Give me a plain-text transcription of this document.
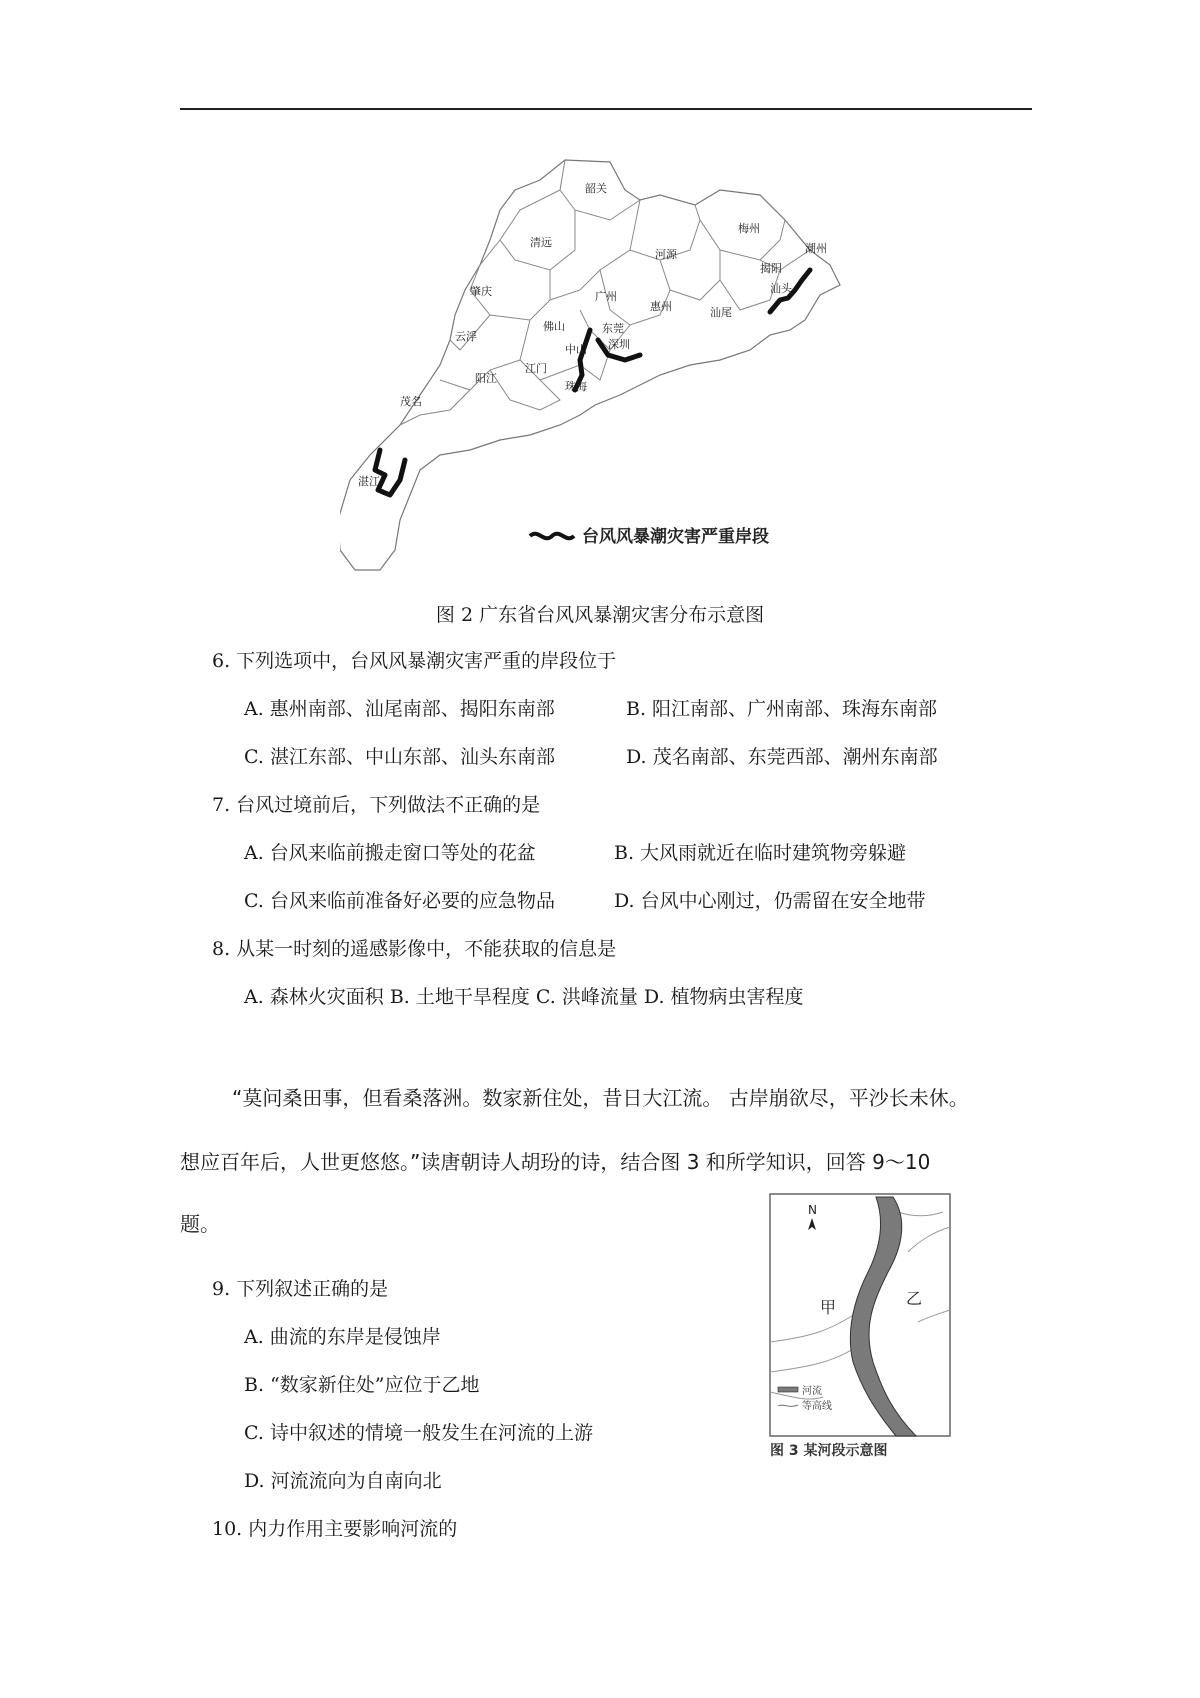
韶关
梅州
清远
河源	潮州
肇庆	广州
惠州
揭阳
汕头
汕尾
云浮
佛山	东莞
深圳
中山
江门
珠海
阳江
茂名
湛江
台风风暴潮灾害严重岸段
图 2 广东省台风风暴潮灾害分布示意图
6. 下列选项中，台风风暴潮灾害严重的岸段位于
A. 惠州南部、汕尾南部、揭阳东南部	B. 阳江南部、广州南部、珠海东南部
C. 湛江东部、中山东部、汕头东南部	D. 茂名南部、东莞西部、潮州东南部
7. 台风过境前后，下列做法不正确的是
A. 台风来临前搬走窗口等处的花盆	B. 大风雨就近在临时建筑物旁躲避
C. 台风来临前准备好必要的应急物品	D. 台风中心刚过，仍需留在安全地带
8. 从某一时刻的遥感影像中，不能获取的信息是
A. 森林火灾面积 B. 土地干旱程度 C. 洪峰流量 D. 植物病虫害程度
“莫问桑田事，但看桑落洲。数家新住处，昔日大江流。 古岸崩欲尽，平沙长未休。
想应百年后，人世更悠悠。”读唐朝诗人胡玢的诗，结合图 3 和所学知识，回答 9～10
题。
N
甲	乙
河流
等高线
图 3 某河段示意图
9. 下列叙述正确的是
A. 曲流的东岸是侵蚀岸
B. “数家新住处”应位于乙地
C. 诗中叙述的情境一般发生在河流的上游
D. 河流流向为自南向北
10. 内力作用主要影响河流的
